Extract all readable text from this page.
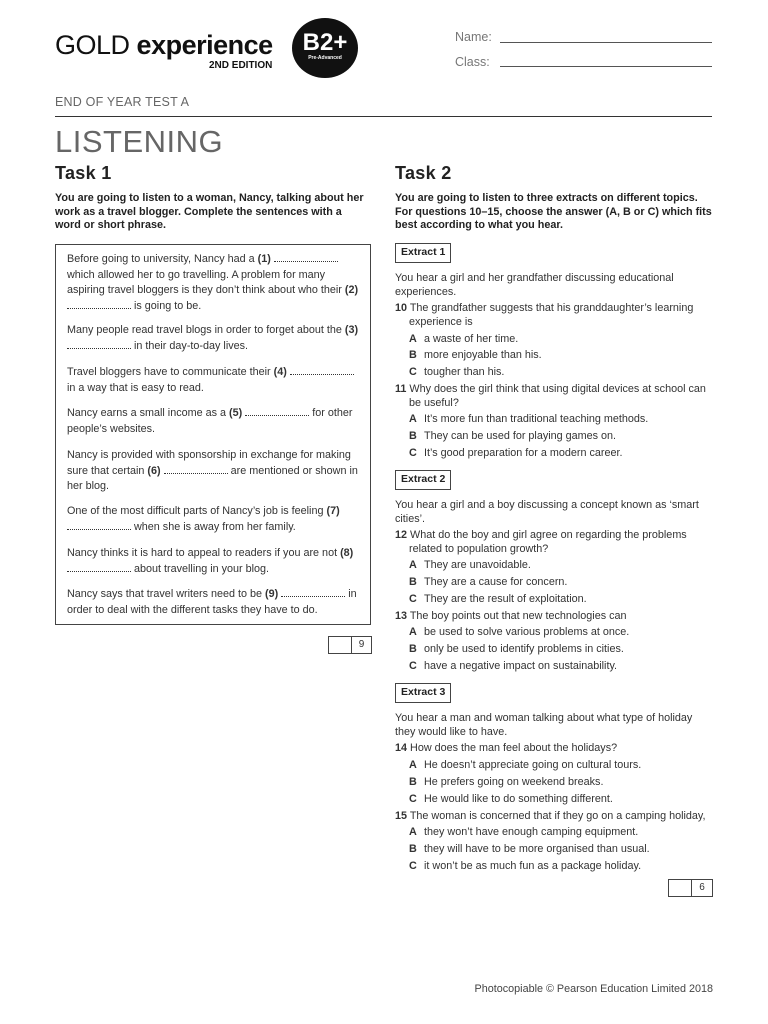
GOLD experience
2ND EDITION
B2+
Pre-Advanced
Name:
Class:
END OF YEAR TEST A
LISTENING
Task 1
You are going to listen to a woman, Nancy, talking about her work as a travel blogger. Complete the sentences with a word or short phrase.
Before going to university, Nancy had a (1)  which allowed her to go travelling. A problem for many aspiring travel bloggers is they don’t think about who their (2)  is going to be.
Many people read travel blogs in order to forget about the (3)  in their day-to-day lives.
Travel bloggers have to communicate their (4)  in a way that is easy to read.
Nancy earns a small income as a (5)	for other people’s websites.
Nancy is provided with sponsorship in exchange for making sure that certain (6)	are mentioned or shown in her blog.
One of the most difficult parts of Nancy’s job is feeling (7)  when she is away from her family.
Nancy thinks it is hard to appeal to readers if you are not (8)  about travelling in your blog.
Nancy says that travel writers need to be (9)	in order to deal with the different tasks they have to do.
9
Task 2
You are going to listen to three extracts on different topics. For questions 10–15, choose the answer (A, B or C) which fits best according to what you hear.
Extract 1
You hear a girl and her grandfather discussing educational experiences.
10 The grandfather suggests that his granddaughter’s learning experience is
A a waste of her time.
B more enjoyable than his.
C tougher than his.
11 Why does the girl think that using digital devices at school can be useful?
A It’s more fun than traditional teaching methods.
B They can be used for playing games on.
C It’s good preparation for a modern career.
Extract 2
You hear a girl and a boy discussing a concept known as ‘smart cities’.
12 What do the boy and girl agree on regarding the problems related to population growth?
A They are unavoidable.
B They are a cause for concern.
C They are the result of exploitation.
13 The boy points out that new technologies can
A be used to solve various problems at once.
B only be used to identify problems in cities.
C have a negative impact on sustainability.
Extract 3
You hear a man and woman talking about what type of holiday they would like to have.
14 How does the man feel about the holidays?
A He doesn’t appreciate going on cultural tours.
B He prefers going on weekend breaks.
C He would like to do something different.
15 The woman is concerned that if they go on a camping holiday,
A they won’t have enough camping equipment.
B they will have to be more organised than usual.
C it won’t be as much fun as a package holiday.
6
Photocopiable © Pearson Education Limited 2018
